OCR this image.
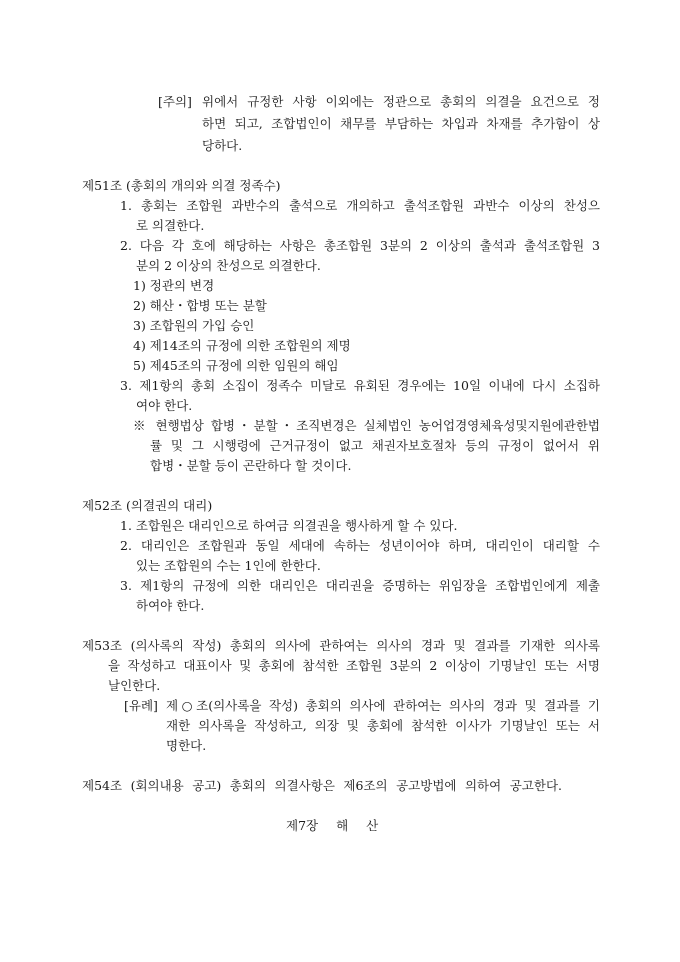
[주의] 위에서 규정한 사항 이외에는 정관으로 총회의 의결을 요건으로 정
하면 되고, 조합법인이 채무를 부담하는 차입과 차재를 추가함이 상
당하다.
제51조 (총회의 개의와 의결 정족수)
1. 총회는 조합원 과반수의 출석으로 개의하고 출석조합원 과반수 이상의 찬성으
로 의결한다.
2. 다음 각 호에 해당하는 사항은 총조합원 3분의 2 이상의 출석과 출석조합원 3
분의 2 이상의 찬성으로 의결한다.
1) 정관의 변경
2) 해산・합병 또는 분할
3) 조합원의 가입 승인
4) 제14조의 규정에 의한 조합원의 제명
5) 제45조의 규정에 의한 임원의 해임
3. 제1항의 총회 소집이 정족수 미달로 유회된 경우에는 10일 이내에 다시 소집하
여야 한다.
※ 현행법상 합병・분할・조직변경은 실체법인 농어업경영체육성및지원에관한법
률 및 그 시행령에 근거규정이 없고 채권자보호절차 등의 규정이 없어서 위
합병・분할 등이 곤란하다 할 것이다.
제52조 (의결권의 대리)
1. 조합원은 대리인으로 하여금 의결권을 행사하게 할 수 있다.
2. 대리인은 조합원과 동일 세대에 속하는 성년이어야 하며, 대리인이 대리할 수
있는 조합원의 수는 1인에 한한다.
3. 제1항의 규정에 의한 대리인은 대리권을 증명하는 위임장을 조합법인에게 제출
하여야 한다.
제53조 (의사록의 작성) 총회의 의사에 관하여는 의사의 경과 및 결과를 기재한 의사록
을 작성하고 대표이사 및 총회에 참석한 조합원 3분의 2 이상이 기명날인 또는 서명
날인한다.
[유례] 제○조(의사록을 작성) 총회의 의사에 관하여는 의사의 경과 및 결과를 기
재한 의사록을 작성하고, 의장 및 총회에 참석한 이사가 기명날인 또는 서
명한다.
제54조 (회의내용 공고) 총회의 의결사항은 제6조의 공고방법에 의하여 공고한다.
제7장 해 산
